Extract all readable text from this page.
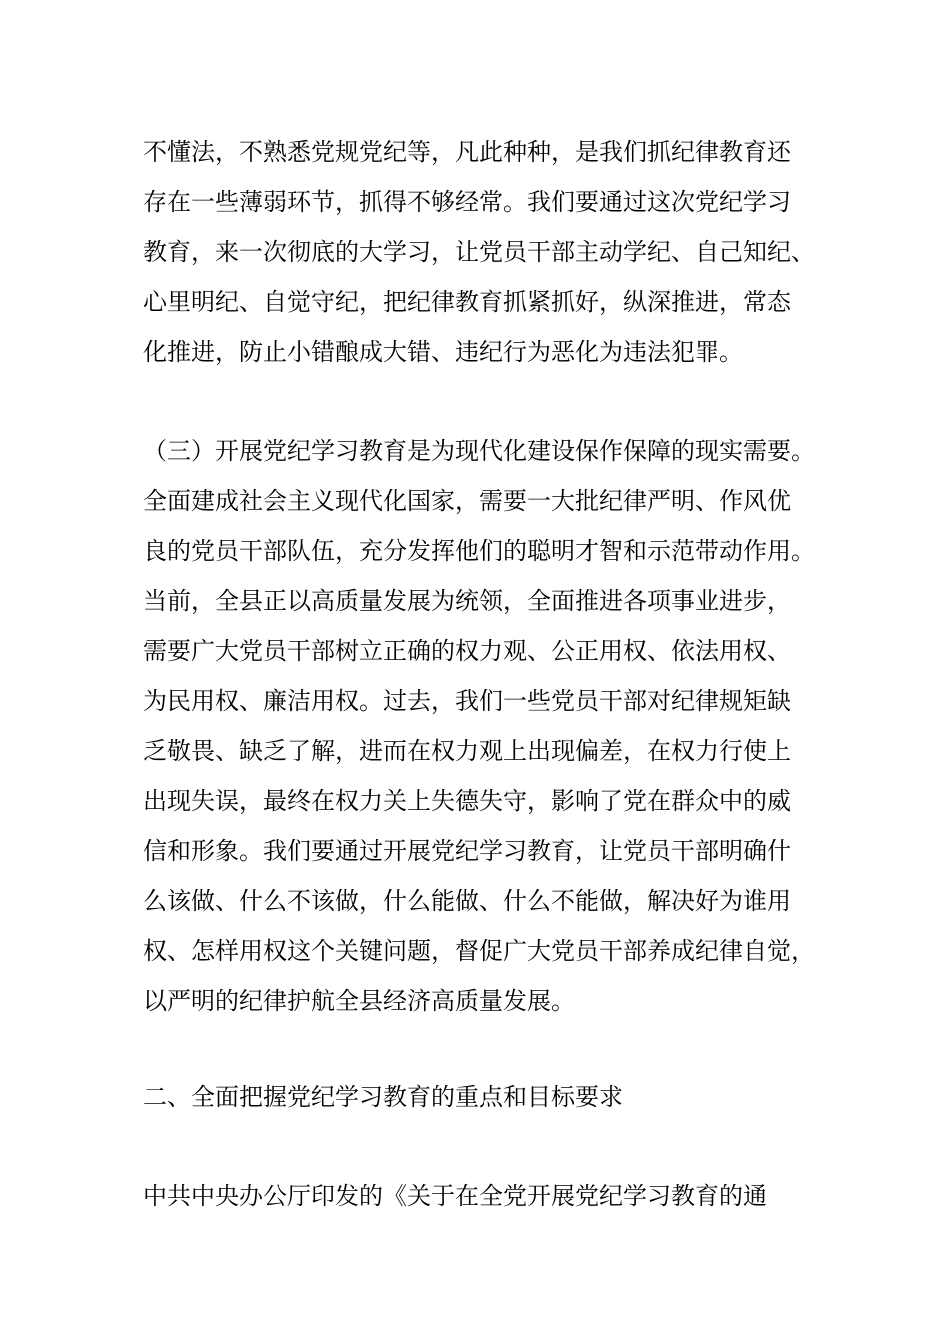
不懂法，不熟悉党规党纪等，凡此种种，是我们抓纪律教育还
存在一些薄弱环节，抓得不够经常。我们要通过这次党纪学习
教育，来一次彻底的大学习，让党员干部主动学纪、自己知纪、
心里明纪、自觉守纪，把纪律教育抓紧抓好，纵深推进，常态
化推进，防止小错酿成大错、违纪行为恶化为违法犯罪。
（三）开展党纪学习教育是为现代化建设保作保障的现实需要。
全面建成社会主义现代化国家，需要一大批纪律严明、作风优
良的党员干部队伍，充分发挥他们的聪明才智和示范带动作用。
当前，全县正以高质量发展为统领，全面推进各项事业进步，
需要广大党员干部树立正确的权力观、公正用权、依法用权、
为民用权、廉洁用权。过去，我们一些党员干部对纪律规矩缺
乏敬畏、缺乏了解，进而在权力观上出现偏差，在权力行使上
出现失误，最终在权力关上失德失守，影响了党在群众中的威
信和形象。我们要通过开展党纪学习教育，让党员干部明确什
么该做、什么不该做，什么能做、什么不能做，解决好为谁用
权、怎样用权这个关键问题，督促广大党员干部养成纪律自觉，
以严明的纪律护航全县经济高质量发展。
二、全面把握党纪学习教育的重点和目标要求
中共中央办公厅印发的《关于在全党开展党纪学习教育的通
